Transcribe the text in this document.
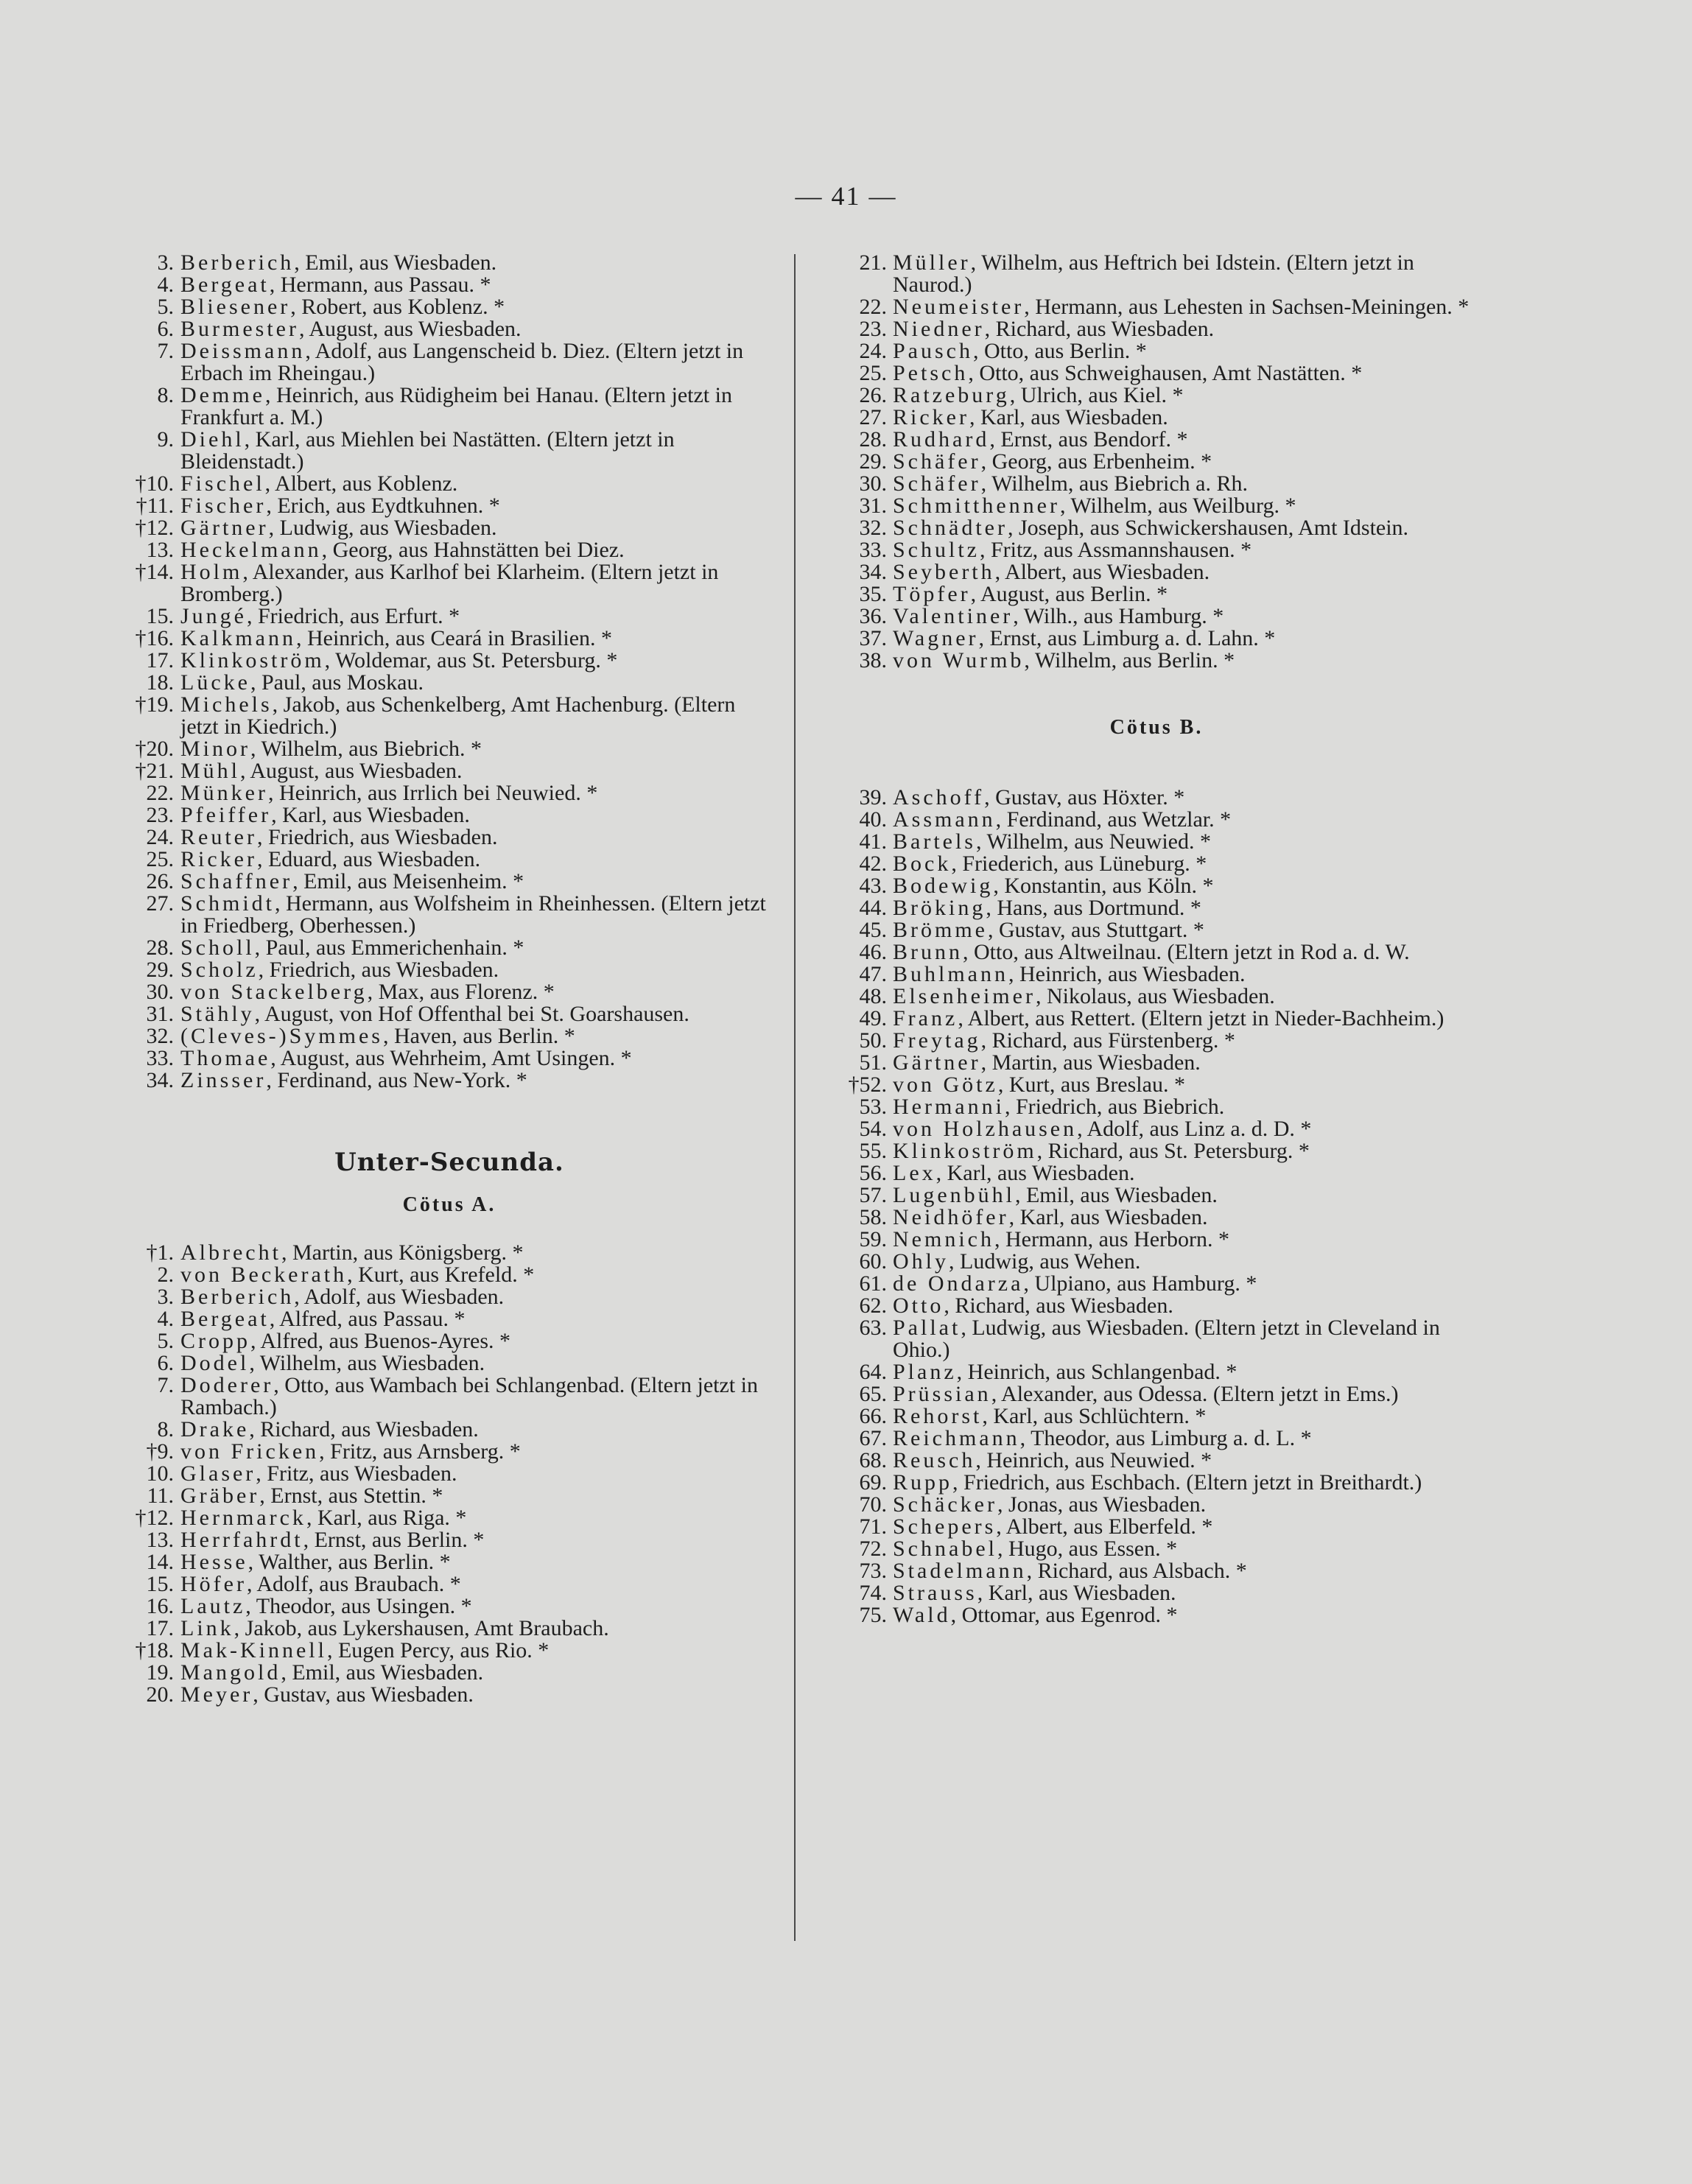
— 41 —
3. Berberich, Emil, aus Wiesbaden.
4. Bergeat, Hermann, aus Passau. *
5. Bliesener, Robert, aus Koblenz. *
6. Burmester, August, aus Wiesbaden.
7. Deissmann, Adolf, aus Langenscheid b. Diez. (Eltern jetzt in Erbach im Rheingau.)
8. Demme, Heinrich, aus Rüdigheim bei Hanau. (Eltern jetzt in Frankfurt a. M.)
9. Diehl, Karl, aus Miehlen bei Nastätten. (Eltern jetzt in Bleidenstadt.)
†10. Fischel, Albert, aus Koblenz.
†11. Fischer, Erich, aus Eydtkuhnen. *
†12. Gärtner, Ludwig, aus Wiesbaden.
13. Heckelmann, Georg, aus Hahnstätten bei Diez.
†14. Holm, Alexander, aus Karlhof bei Klarheim. (Eltern jetzt in Bromberg.)
15. Jungé, Friedrich, aus Erfurt. *
†16. Kalkmann, Heinrich, aus Ceará in Brasilien. *
17. Klinkoström, Woldemar, aus St. Petersburg. *
18. Lücke, Paul, aus Moskau.
†19. Michels, Jakob, aus Schenkelberg, Amt Hachenburg. (Eltern jetzt in Kiedrich.)
†20. Minor, Wilhelm, aus Biebrich. *
†21. Mühl, August, aus Wiesbaden.
22. Münker, Heinrich, aus Irrlich bei Neuwied. *
23. Pfeiffer, Karl, aus Wiesbaden.
24. Reuter, Friedrich, aus Wiesbaden.
25. Ricker, Eduard, aus Wiesbaden.
26. Schaffner, Emil, aus Meisenheim. *
27. Schmidt, Hermann, aus Wolfsheim in Rheinhessen. (Eltern jetzt in Friedberg, Oberhessen.)
28. Scholl, Paul, aus Emmerichenhain. *
29. Scholz, Friedrich, aus Wiesbaden.
30. von Stackelberg, Max, aus Florenz. *
31. Stähly, August, von Hof Offenthal bei St. Goarshausen.
32. (Cleves-)Symmes, Haven, aus Berlin. *
33. Thomae, August, aus Wehrheim, Amt Usingen. *
34. Zinsser, Ferdinand, aus New-York. *
Unter-Secunda.
Cötus A.
†1. Albrecht, Martin, aus Königsberg. *
2. von Beckerath, Kurt, aus Krefeld. *
3. Berberich, Adolf, aus Wiesbaden.
4. Bergeat, Alfred, aus Passau. *
5. Cropp, Alfred, aus Buenos-Ayres. *
6. Dodel, Wilhelm, aus Wiesbaden.
7. Doderer, Otto, aus Wambach bei Schlangenbad. (Eltern jetzt in Rambach.)
8. Drake, Richard, aus Wiesbaden.
†9. von Fricken, Fritz, aus Arnsberg. *
10. Glaser, Fritz, aus Wiesbaden.
11. Gräber, Ernst, aus Stettin. *
†12. Hernmarck, Karl, aus Riga. *
13. Herrfahrdt, Ernst, aus Berlin. *
14. Hesse, Walther, aus Berlin. *
15. Höfer, Adolf, aus Braubach. *
16. Lautz, Theodor, aus Usingen. *
17. Link, Jakob, aus Lykershausen, Amt Braubach.
†18. Mak-Kinnell, Eugen Percy, aus Rio. *
19. Mangold, Emil, aus Wiesbaden.
20. Meyer, Gustav, aus Wiesbaden.
21. Müller, Wilhelm, aus Heftrich bei Idstein. (Eltern jetzt in Naurod.)
22. Neumeister, Hermann, aus Lehesten in Sachsen-Meiningen. *
23. Niedner, Richard, aus Wiesbaden.
24. Pausch, Otto, aus Berlin. *
25. Petsch, Otto, aus Schweighausen, Amt Nastätten. *
26. Ratzeburg, Ulrich, aus Kiel. *
27. Ricker, Karl, aus Wiesbaden.
28. Rudhard, Ernst, aus Bendorf. *
29. Schäfer, Georg, aus Erbenheim. *
30. Schäfer, Wilhelm, aus Biebrich a. Rh.
31. Schmitthenner, Wilhelm, aus Weilburg. *
32. Schnädter, Joseph, aus Schwickershausen, Amt Idstein.
33. Schultz, Fritz, aus Assmannshausen. *
34. Seyberth, Albert, aus Wiesbaden.
35. Töpfer, August, aus Berlin. *
36. Valentiner, Wilh., aus Hamburg. *
37. Wagner, Ernst, aus Limburg a. d. Lahn. *
38. von Wurmb, Wilhelm, aus Berlin. *
Cötus B.
39. Aschoff, Gustav, aus Höxter. *
40. Assmann, Ferdinand, aus Wetzlar. *
41. Bartels, Wilhelm, aus Neuwied. *
42. Bock, Friederich, aus Lüneburg. *
43. Bodewig, Konstantin, aus Köln. *
44. Bröking, Hans, aus Dortmund. *
45. Brömme, Gustav, aus Stuttgart. *
46. Brunn, Otto, aus Altweilnau. (Eltern jetzt in Rod a. d. W.
47. Buhlmann, Heinrich, aus Wiesbaden.
48. Elsenheimer, Nikolaus, aus Wiesbaden.
49. Franz, Albert, aus Rettert. (Eltern jetzt in Nieder-Bachheim.)
50. Freytag, Richard, aus Fürstenberg. *
51. Gärtner, Martin, aus Wiesbaden.
†52. von Götz, Kurt, aus Breslau. *
53. Hermanni, Friedrich, aus Biebrich.
54. von Holzhausen, Adolf, aus Linz a. d. D. *
55. Klinkoström, Richard, aus St. Petersburg. *
56. Lex, Karl, aus Wiesbaden.
57. Lugenbühl, Emil, aus Wiesbaden.
58. Neidhöfer, Karl, aus Wiesbaden.
59. Nemnich, Hermann, aus Herborn. *
60. Ohly, Ludwig, aus Wehen.
61. de Ondarza, Ulpiano, aus Hamburg. *
62. Otto, Richard, aus Wiesbaden.
63. Pallat, Ludwig, aus Wiesbaden. (Eltern jetzt in Cleveland in Ohio.)
64. Planz, Heinrich, aus Schlangenbad. *
65. Prüssian, Alexander, aus Odessa. (Eltern jetzt in Ems.)
66. Rehorst, Karl, aus Schlüchtern. *
67. Reichmann, Theodor, aus Limburg a. d. L. *
68. Reusch, Heinrich, aus Neuwied. *
69. Rupp, Friedrich, aus Eschbach. (Eltern jetzt in Breithardt.)
70. Schäcker, Jonas, aus Wiesbaden.
71. Schepers, Albert, aus Elberfeld. *
72. Schnabel, Hugo, aus Essen. *
73. Stadelmann, Richard, aus Alsbach. *
74. Strauss, Karl, aus Wiesbaden.
75. Wald, Ottomar, aus Egenrod. *
